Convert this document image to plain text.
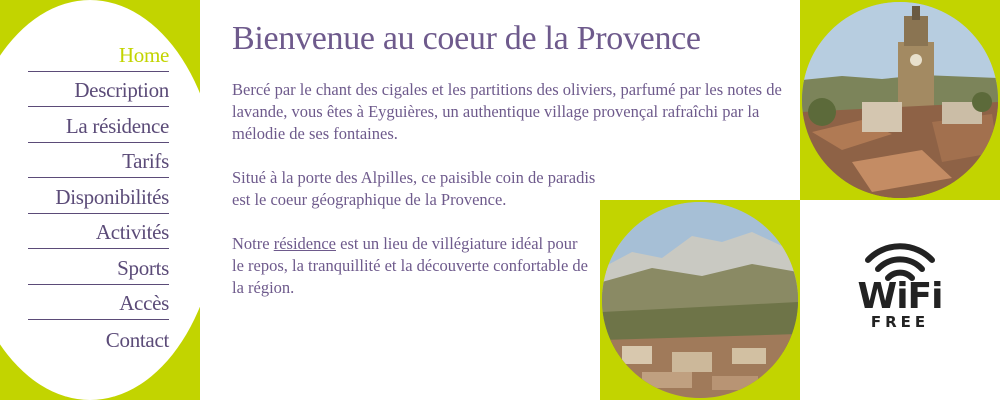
Home
Description
La résidence
Tarifs
Disponibilités
Activités
Sports
Accès
Contact
Bienvenue au coeur de la Provence

Bercé par le chant des cigales et les partitions des oliviers, parfumé par les notes de lavande, vous êtes à Eyguières, un authentique village provençal rafraîchi par la mélodie de ses fontaines.

Situé à la porte des Alpilles, ce paisible coin de paradis est le coeur géographique de la Provence.

Notre résidence est un lieu de villégiature idéal pour le repos, la tranquillité et la découverte confortable de la région.	WiFi
FREE
